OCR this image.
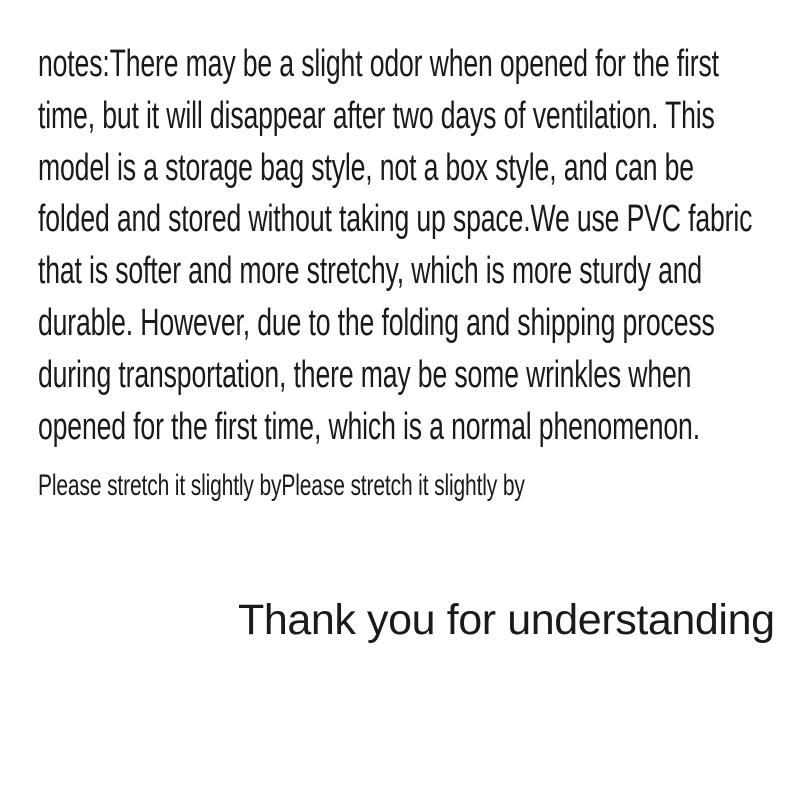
notes:There may be a slight odor when opened for the first
time, but it will disappear after two days of ventilation. This
model is a storage bag style, not a box style, and can be
folded and stored without taking up space.We use PVC fabric
that is softer and more stretchy, which is more sturdy and
durable. However, due to the folding and shipping process
during transportation, there may be some wrinkles when
opened for the first time, which is a normal phenomenon.
Please stretch it slightly byPlease stretch it slightly by
Thank you for understanding
